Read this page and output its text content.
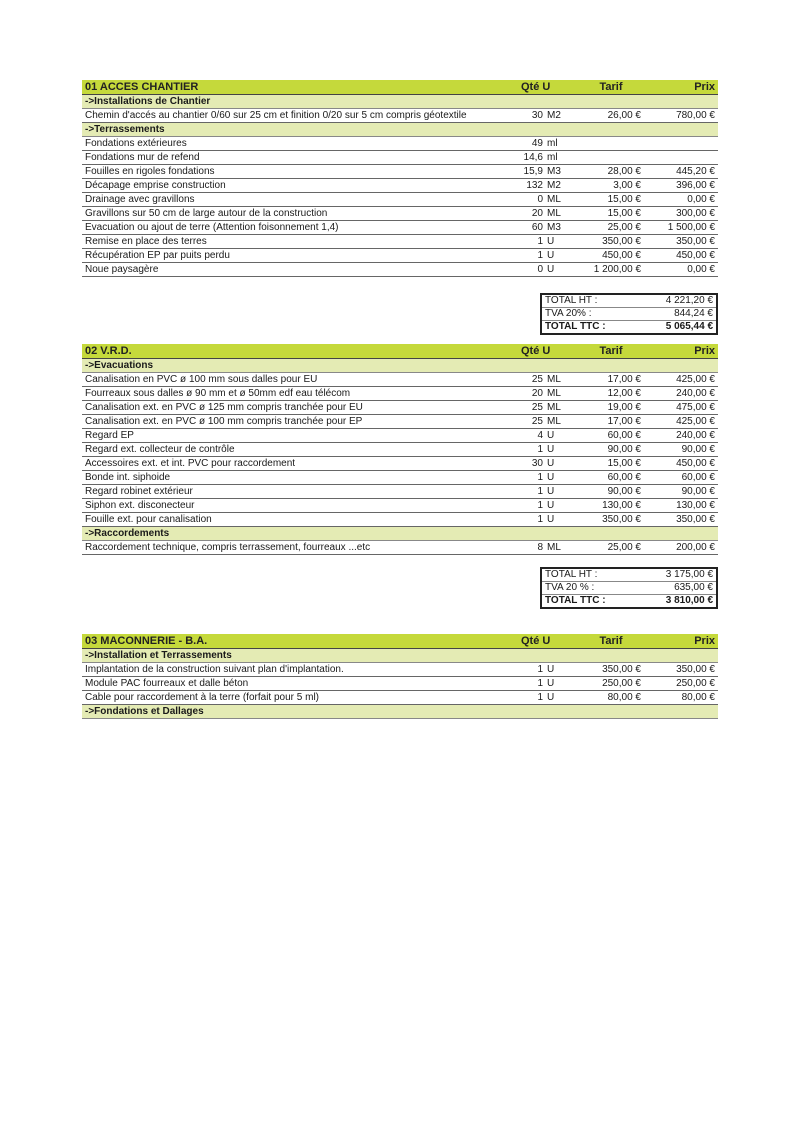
01 ACCES CHANTIER	Qté U	Tarif	Prix
->Installations de Chantier
Chemin d'accés au chantier 0/60 sur 25 cm et finition 0/20 sur 5 cm compris géotextile	30 M2	26,00 €	780,00 €
->Terrassements
Fondations extérieures	49 ml
Fondations mur de refend	14,6 ml
Fouilles en rigoles fondations	15,9 M3	28,00 €	445,20 €
Décapage emprise construction	132 M2	3,00 €	396,00 €
Drainage avec gravillons	0 ML	15,00 €	0,00 €
Gravillons sur 50 cm de large autour de la construction	20 ML	15,00 €	300,00 €
Evacuation ou ajout de terre (Attention foisonnement 1,4)	60 M3	25,00 €	1 500,00 €
Remise en place des terres	1 U	350,00 €	350,00 €
Récupération EP par puits perdu	1 U	450,00 €	450,00 €
Noue paysagère	0 U	1 200,00 €	0,00 €
TOTAL HT :	4 221,20 €
TVA 20% :	844,24 €
TOTAL TTC :	5 065,44 €
02 V.R.D.	Qté U	Tarif	Prix
->Evacuations
Canalisation en PVC ø 100 mm sous dalles pour EU	25 ML	17,00 €	425,00 €
Fourreaux sous dalles ø 90 mm et ø 50mm edf eau télécom	20 ML	12,00 €	240,00 €
Canalisation ext. en PVC ø 125 mm compris tranchée pour EU	25 ML	19,00 €	475,00 €
Canalisation ext. en PVC ø 100 mm compris tranchée pour EP	25 ML	17,00 €	425,00 €
Regard EP	4 U	60,00 €	240,00 €
Regard ext. collecteur de contrôle	1 U	90,00 €	90,00 €
Accessoires ext. et int. PVC pour raccordement	30 U	15,00 €	450,00 €
Bonde int. siphoide	1 U	60,00 €	60,00 €
Regard robinet extérieur	1 U	90,00 €	90,00 €
Siphon ext. disconecteur	1 U	130,00 €	130,00 €
Fouille ext. pour canalisation	1 U	350,00 €	350,00 €
->Raccordements
Raccordement technique, compris terrassement, fourreaux ...etc	8 ML	25,00 €	200,00 €
TOTAL HT :	3 175,00 €
TVA 20 % :	635,00 €
TOTAL TTC :	3 810,00 €
03 MACONNERIE - B.A.	Qté U	Tarif	Prix
->Installation et Terrassements
Implantation de la construction suivant plan d'implantation.	1 U	350,00 €	350,00 €
Module PAC fourreaux et dalle béton	1 U	250,00 €	250,00 €
Cable pour raccordement à la terre (forfait pour 5 ml)	1 U	80,00 €	80,00 €
->Fondations et Dallages
